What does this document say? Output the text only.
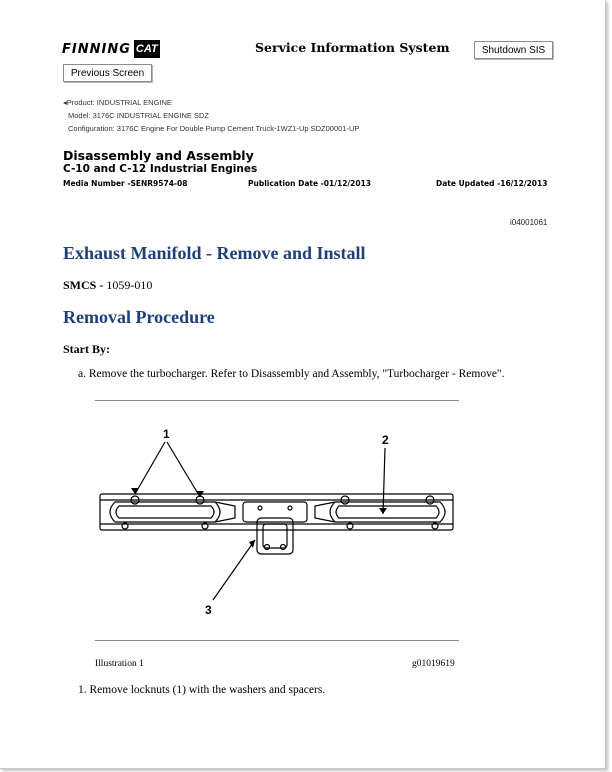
FINNING CAT	Service Information System	Shutdown SIS
Previous Screen
◂Product: INDUSTRIAL ENGINE
Model: 3176C INDUSTRIAL ENGINE SDZ
Configuration: 3176C Engine For Double Pump Cement Truck-1WZ1-Up SDZ00001-UP
Disassembly and Assembly
C-10 and C-12 Industrial Engines
Media Number -SENR9574-08	Publication Date -01/12/2013	Date Updated -16/12/2013
i04001061
Exhaust Manifold - Remove and Install
SMCS - 1059-010
Removal Procedure
Start By:
a. Remove the turbocharger. Refer to Disassembly and Assembly, "Turbocharger - Remove".
1	2
3
Illustration 1	g01019619
1. Remove locknuts (1) with the washers and spacers.
